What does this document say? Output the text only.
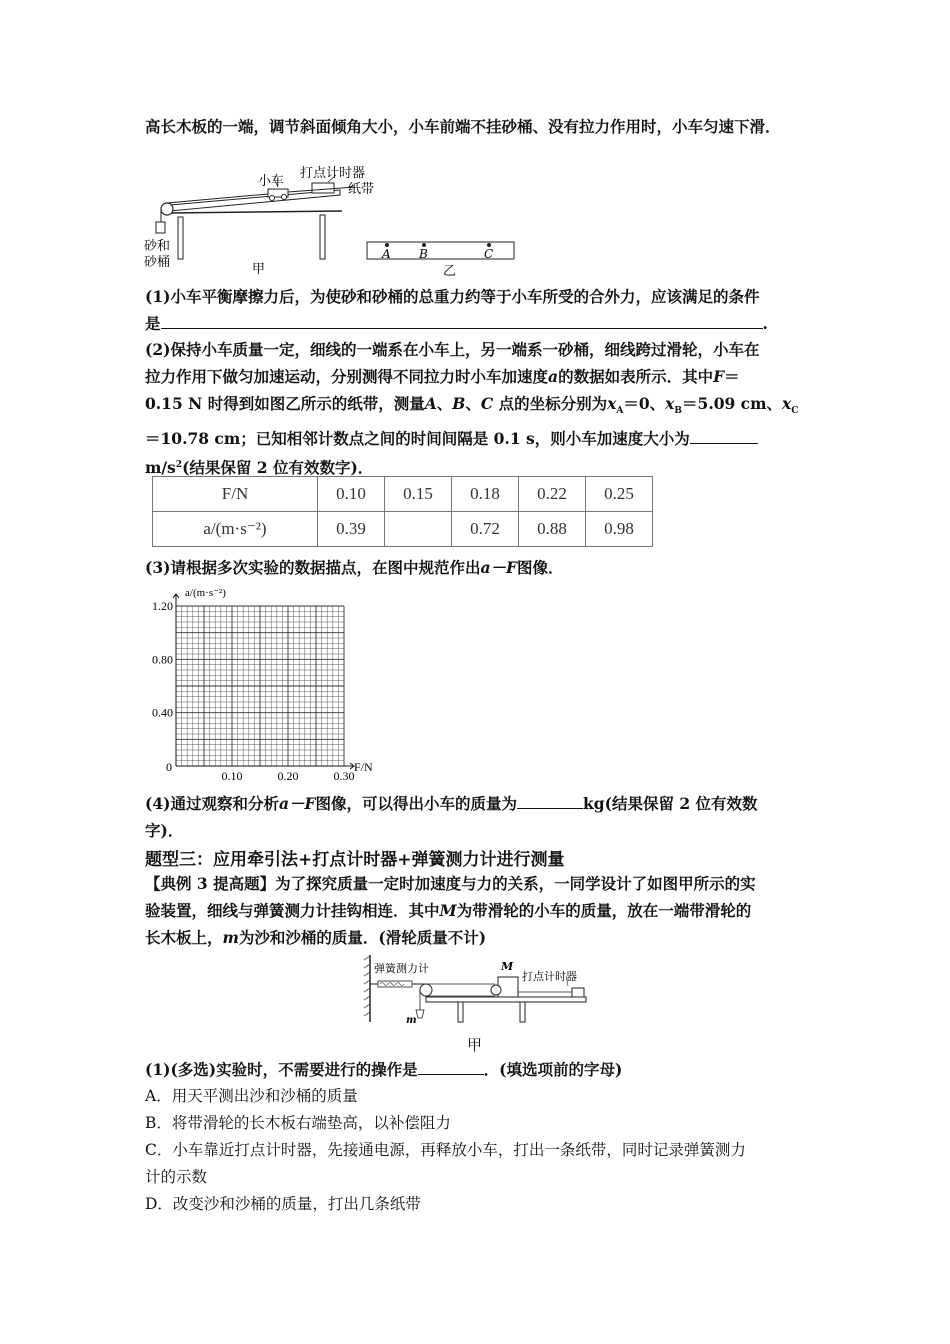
高长木板的一端，调节斜面倾角大小，小车前端不挂砂桶、没有拉力作用时，小车匀速下滑．
小车
打点计时器
纸带
砂和
砂桶	甲
A B	C
乙
(1)小车平衡摩擦力后，为使砂和砂桶的总重力约等于小车所受的合外力，应该满足的条件
是	.
(2)保持小车质量一定，细线的一端系在小车上，另一端系一砂桶，细线跨过滑轮，小车在
拉力作用下做匀加速运动，分别测得不同拉力时小车加速度a的数据如表所示．其中F＝
0.15 N 时得到如图乙所示的纸带，测量A、B、C 点的坐标分别为$x_A=0$、$x_B=5.09$ cm、$x_C$
＝10.78 cm；已知相邻计数点之间的时间间隔是 0.1 s，则小车加速度大小为
$m/s^2$(结果保留 2 位有效数字)．
F/N	0.10	0.15	0.18	0.22	0.25
a/(m·s⁻²)	0.39		0.72	0.88	0.98
(3)请根据多次实验的数据描点，在图中规范作出a－F图像．
a/(m·s⁻²)
F/N
0
0.10	0.20	0.30
1.20
0.80
0.40
(4)通过观察和分析a－F图像，可以得出小车的质量为	kg(结果保留 2 位有效数
字)．
题型三：应用牵引法+打点计时器+弹簧测力计进行测量
【典例 3 提高题】为了探究质量一定时加速度与力的关系，一同学设计了如图甲所示的实
验装置，细线与弹簧测力计挂钩相连．其中M为带滑轮的小车的质量，放在一端带滑轮的
长木板上，m为沙和沙桶的质量．(滑轮质量不计)
弹簧测力计	M
打点计时器
m
甲
(1)(多选)实验时，不需要进行的操作是	．(填选项前的字母)
A．用天平测出沙和沙桶的质量
B．将带滑轮的长木板右端垫高，以补偿阻力
C．小车靠近打点计时器，先接通电源，再释放小车，打出一条纸带，同时记录弹簧测力
计的示数
D．改变沙和沙桶的质量，打出几条纸带
